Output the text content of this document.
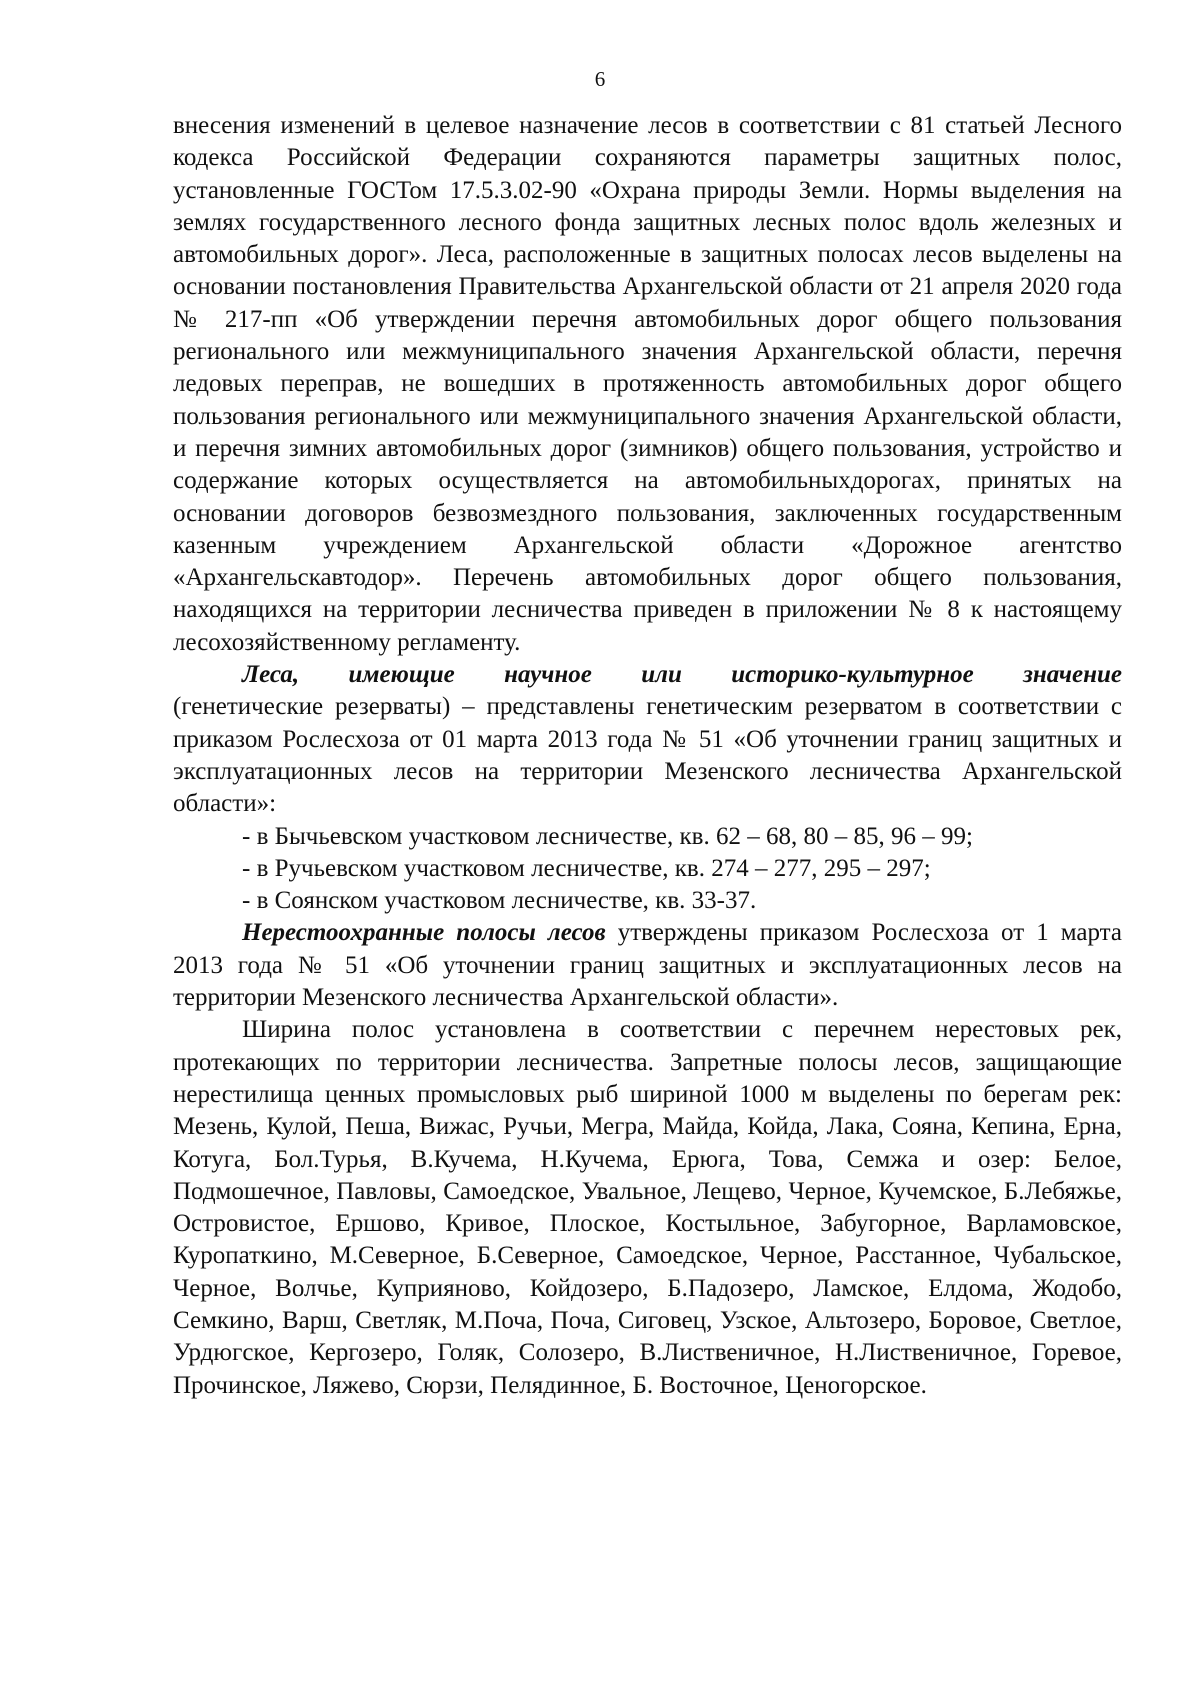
6

внесения изменений в целевое назначение лесов в соответствии с 81 статьей Лесного кодекса Российской Федерации сохраняются параметры защитных полос, установленные ГОСТом 17.5.3.02-90 «Охрана природы Земли. Нормы выделения на землях государственного лесного фонда защитных лесных полос вдоль железных и автомобильных дорог». Леса, расположенные в защитных полосах лесов выделены на основании постановления Правительства Архангельской области от 21 апреля 2020 года № 217-пп «Об утверждении перечня автомобильных дорог общего пользования регионального или межмуниципального значения Архангельской области, перечня ледовых переправ, не вошедших в протяженность автомобильных дорог общего пользования регионального или межмуниципального значения Архангельской области, и перечня зимних автомобильных дорог (зимников) общего пользования, устройство и содержание которых осуществляется на автомобильныхдорогах, принятых на основании договоров безвозмездного пользования, заключенных государственным казенным учреждением Архангельской области «Дорожное агентство «Архангельскавтодор». Перечень автомобильных дорог общего пользования, находящихся на территории лесничества приведен в приложении № 8 к настоящему лесохозяйственному регламенту.

Леса, имеющие научное или историко-культурное значение (генетические резерваты) – представлены генетическим резерватом в соответствии с приказом Рослесхоза от 01 марта 2013 года № 51 «Об уточнении границ защитных и эксплуатационных лесов на территории Мезенского лесничества Архангельской области»:

- в Бычьевском участковом лесничестве, кв. 62 – 68, 80 – 85, 96 – 99;

- в Ручьевском участковом лесничестве, кв. 274 – 277, 295 – 297;

- в Соянском участковом лесничестве, кв. 33-37.

Нерестоохранные полосы лесов утверждены приказом Рослесхоза от 1 марта 2013 года № 51 «Об уточнении границ защитных и эксплуатационных лесов на территории Мезенского лесничества Архангельской области».

Ширина полос установлена в соответствии с перечнем нерестовых рек, протекающих по территории лесничества. Запретные полосы лесов, защищающие нерестилища ценных промысловых рыб шириной 1000 м выделены по берегам рек: Мезень, Кулой, Пеша, Вижас, Ручьи, Мегра, Майда, Койда, Лака, Сояна, Кепина, Ерна, Котуга, Бол.Турья, В.Кучема, Н.Кучема, Ерюга, Това, Семжа и озер: Белое, Подмошечное, Павловы, Самоедское, Увальное, Лещево, Черное, Кучемское, Б.Лебяжье, Островистое, Ершово, Кривое, Плоское, Костыльное, Забугорное, Варламовское, Куропаткино, М.Северное, Б.Северное, Самоедское, Черное, Расстанное, Чубальское, Черное, Волчье, Куприяново, Койдозеро, Б.Падозеро, Ламское, Елдома, Жодобо, Семкино, Варш, Светляк, М.Поча, Поча, Сиговец, Узское, Альтозеро, Боровое, Светлое, Урдюгское, Кергозеро, Голяк, Солозеро, В.Лиственичное, Н.Лиственичное, Горевое, Прочинское, Ляжево, Сюрзи, Пелядинное, Б. Восточное, Ценогорское.
